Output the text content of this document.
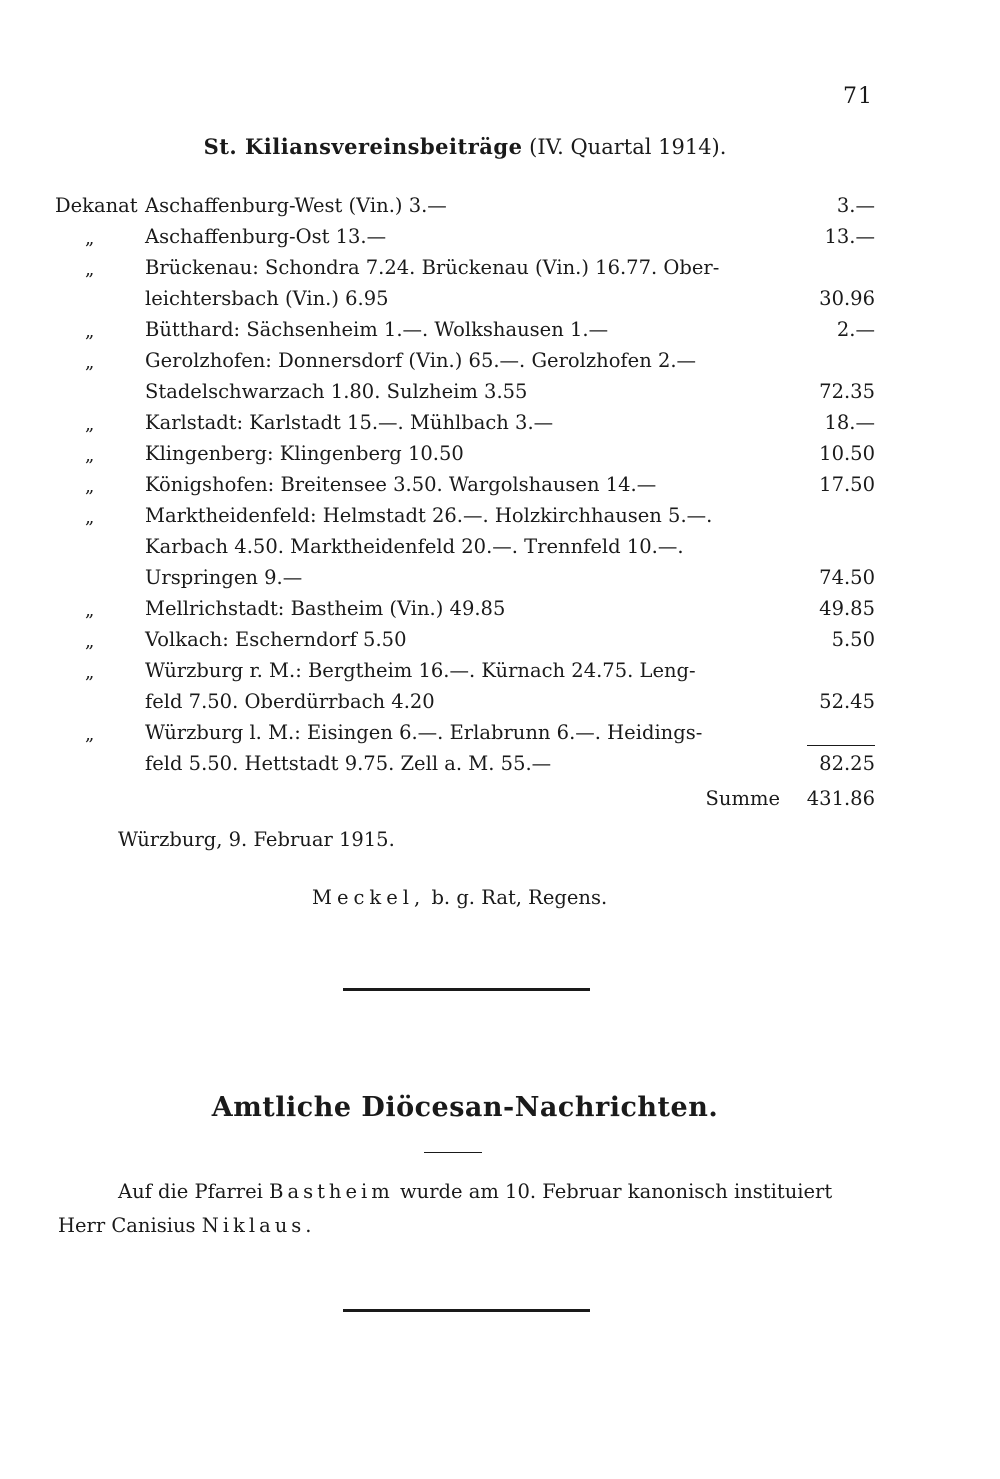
71
St. Kiliansvereinsbeiträge (IV. Quartal 1914).
Dekanat Aschaffenburg-West (Vin.) 3.—	3.—
„	Aschaffenburg-Ost 13.—	13.—
„	Brückenau: Schondra 7.24. Brückenau (Vin.) 16.77. Ober-
leichtersbach (Vin.) 6.95	30.96
„	Bütthard: Sächsenheim 1.—. Wolkshausen 1.—	2.—
„	Gerolzhofen: Donnersdorf (Vin.) 65.—. Gerolzhofen 2.—
Stadelschwarzach 1.80. Sulzheim 3.55	72.35
„	Karlstadt: Karlstadt 15.—. Mühlbach 3.—	18.—
„	Klingenberg: Klingenberg 10.50	10.50
„	Königshofen: Breitensee 3.50. Wargolshausen 14.—	17.50
„	Marktheidenfeld: Helmstadt 26.—. Holzkirchhausen 5.—.
Karbach 4.50. Marktheidenfeld 20.—. Trennfeld 10.—.
Urspringen 9.—	74.50
„	Mellrichstadt: Bastheim (Vin.) 49.85	49.85
„	Volkach: Escherndorf 5.50	5.50
„	Würzburg r. M.: Bergtheim 16.—. Kürnach 24.75. Leng-
feld 7.50. Oberdürrbach 4.20	52.45
„	Würzburg l. M.: Eisingen 6.—. Erlabrunn 6.—. Heidings-
feld 5.50. Hettstadt 9.75. Zell a. M. 55.—	82.25
Summe 431.86
Würzburg, 9. Februar 1915.
Meckel, b. g. Rat, Regens.
Amtliche Diöcesan-Nachrichten.
Auf die Pfarrei Bastheim wurde am 10. Februar kanonisch instituiert
Herr Canisius Niklaus.
